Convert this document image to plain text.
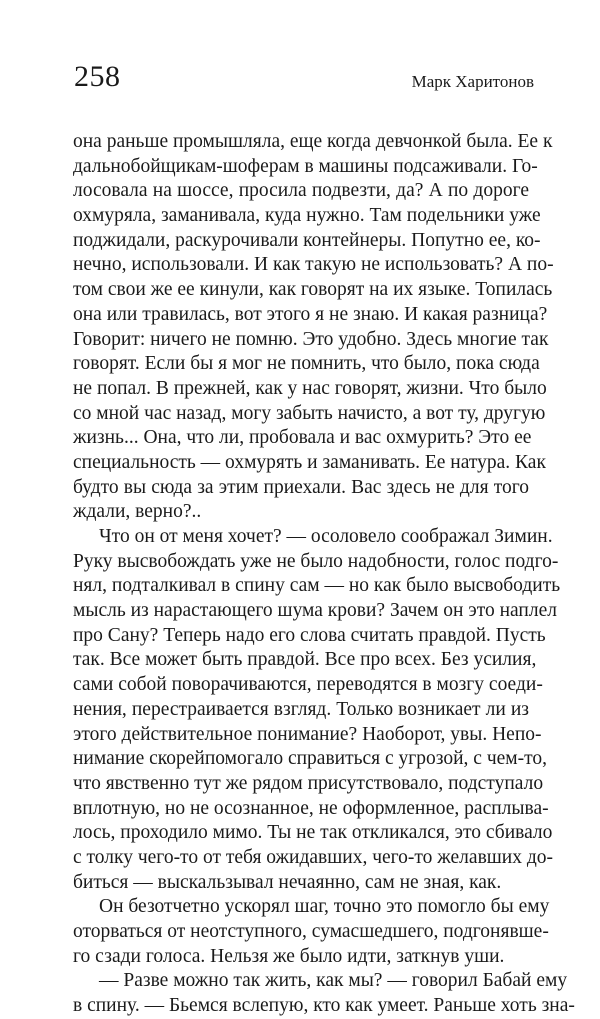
258	Марк Харитонов
она раньше промышляла, еще когда девчонкой была. Ее к
дальнобойщикам-шоферам в машины подсаживали. Го-
лосовала на шоссе, просила подвезти, да? А по дороге
охмуряла, заманивала, куда нужно. Там подельники уже
поджидали, раскурочивали контейнеры. Попутно ее, ко-
нечно, использовали. И как такую не использовать? А по-
том свои же ее кинули, как говорят на их языке. Топилась
она или травилась, вот этого я не знаю. И какая разница?
Говорит: ничего не помню. Это удобно. Здесь многие так
говорят. Если бы я мог не помнить, что было, пока сюда
не попал. В прежней, как у нас говорят, жизни. Что было
со мной час назад, могу забыть начисто, а вот ту, другую
жизнь... Она, что ли, пробовала и вас охмурить? Это ее
специальность — охмурять и заманивать. Ее натура. Как
будто вы сюда за этим приехали. Вас здесь не для того
ждали, верно?..
Что он от меня хочет? — осоловело соображал Зимин.
Руку высвобождать уже не было надобности, голос подго-
нял, подталкивал в спину сам — но как было высвободить
мысль из нарастающего шума крови? Зачем он это наплел
про Сану? Теперь надо его слова считать правдой. Пусть
так. Все может быть правдой. Все про всех. Без усилия,
сами собой поворачиваются, переводятся в мозгу соеди-
нения, перестраивается взгляд. Только возникает ли из
этого действительное понимание? Наоборот, увы. Непо-
нимание скорейпомогало справиться с угрозой, с чем-то,
что явственно тут же рядом присутствовало, подступало
вплотную, но не осознанное, не оформленное, расплыва-
лось, проходило мимо. Ты не так откликался, это сбивало
с толку чего-то от тебя ожидавших, чего-то желавших до-
биться — выскальзывал нечаянно, сам не зная, как.
Он безотчетно ускорял шаг, точно это помогло бы ему
оторваться от неотступного, сумасшедшего, подгонявше-
го сзади голоса. Нельзя же было идти, заткнув уши.
— Разве можно так жить, как мы? — говорил Бабай ему
в спину. — Бьемся вслепую, кто как умеет. Раньше хоть зна-
